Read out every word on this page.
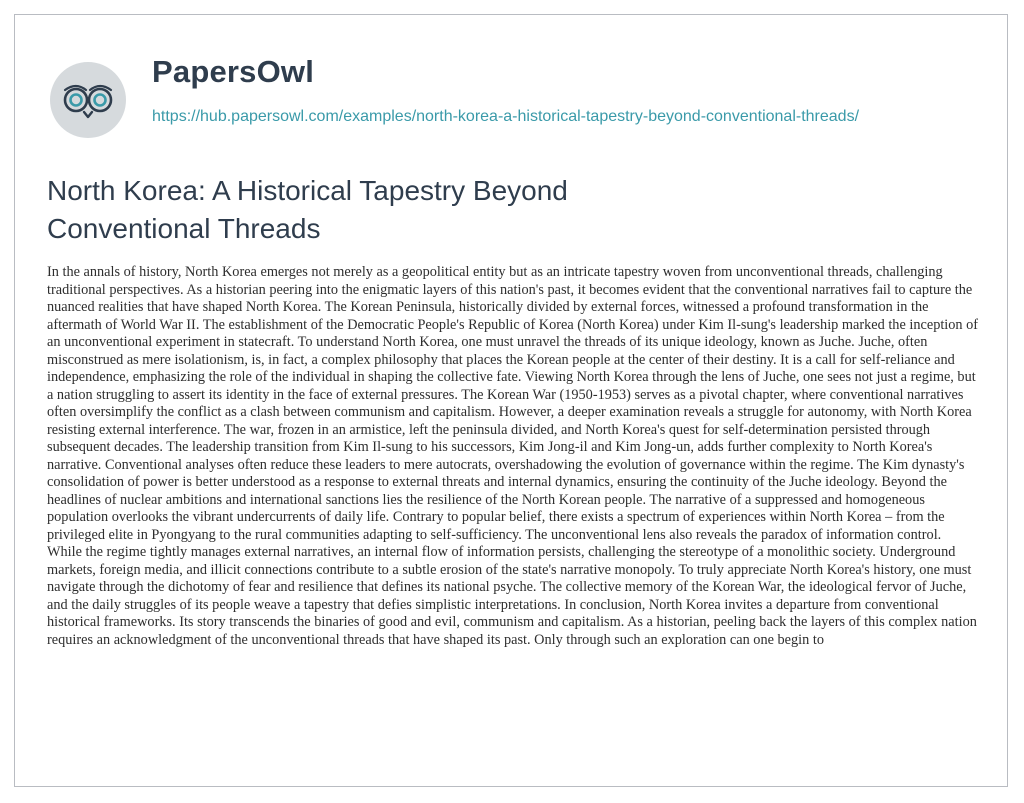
PapersOwl
https://hub.papersowl.com/examples/north-korea-a-historical-tapestry-beyond-conventional-threads/
North Korea: A Historical Tapestry Beyond Conventional Threads

In the annals of history, North Korea emerges not merely as a geopolitical entity but as an intricate tapestry woven from unconventional threads, challenging traditional perspectives. As a historian peering into the enigmatic layers of this nation's past, it becomes evident that the conventional narratives fail to capture the nuanced realities that have shaped North Korea. The Korean Peninsula, historically divided by external forces, witnessed a profound transformation in the aftermath of World War II. The establishment of the Democratic People's Republic of Korea (North Korea) under Kim Il-sung's leadership marked the inception of an unconventional experiment in statecraft. To understand North Korea, one must unravel the threads of its unique ideology, known as Juche. Juche, often misconstrued as mere isolationism, is, in fact, a complex philosophy that places the Korean people at the center of their destiny. It is a call for self-reliance and independence, emphasizing the role of the individual in shaping the collective fate. Viewing North Korea through the lens of Juche, one sees not just a regime, but a nation struggling to assert its identity in the face of external pressures. The Korean War (1950-1953) serves as a pivotal chapter, where conventional narratives often oversimplify the conflict as a clash between communism and capitalism. However, a deeper examination reveals a struggle for autonomy, with North Korea resisting external interference. The war, frozen in an armistice, left the peninsula divided, and North Korea's quest for self-determination persisted through subsequent decades. The leadership transition from Kim Il-sung to his successors, Kim Jong-il and Kim Jong-un, adds further complexity to North Korea's narrative. Conventional analyses often reduce these leaders to mere autocrats, overshadowing the evolution of governance within the regime. The Kim dynasty's consolidation of power is better understood as a response to external threats and internal dynamics, ensuring the continuity of the Juche ideology. Beyond the headlines of nuclear ambitions and international sanctions lies the resilience of the North Korean people. The narrative of a suppressed and homogeneous population overlooks the vibrant undercurrents of daily life. Contrary to popular belief, there exists a spectrum of experiences within North Korea – from the privileged elite in Pyongyang to the rural communities adapting to self-sufficiency. The unconventional lens also reveals the paradox of information control. While the regime tightly manages external narratives, an internal flow of information persists, challenging the stereotype of a monolithic society. Underground markets, foreign media, and illicit connections contribute to a subtle erosion of the state's narrative monopoly. To truly appreciate North Korea's history, one must navigate through the dichotomy of fear and resilience that defines its national psyche. The collective memory of the Korean War, the ideological fervor of Juche, and the daily struggles of its people weave a tapestry that defies simplistic interpretations. In conclusion, North Korea invites a departure from conventional historical frameworks. Its story transcends the binaries of good and evil, communism and capitalism. As a historian, peeling back the layers of this complex nation requires an acknowledgment of the unconventional threads that have shaped its past. Only through such an exploration can one begin to
